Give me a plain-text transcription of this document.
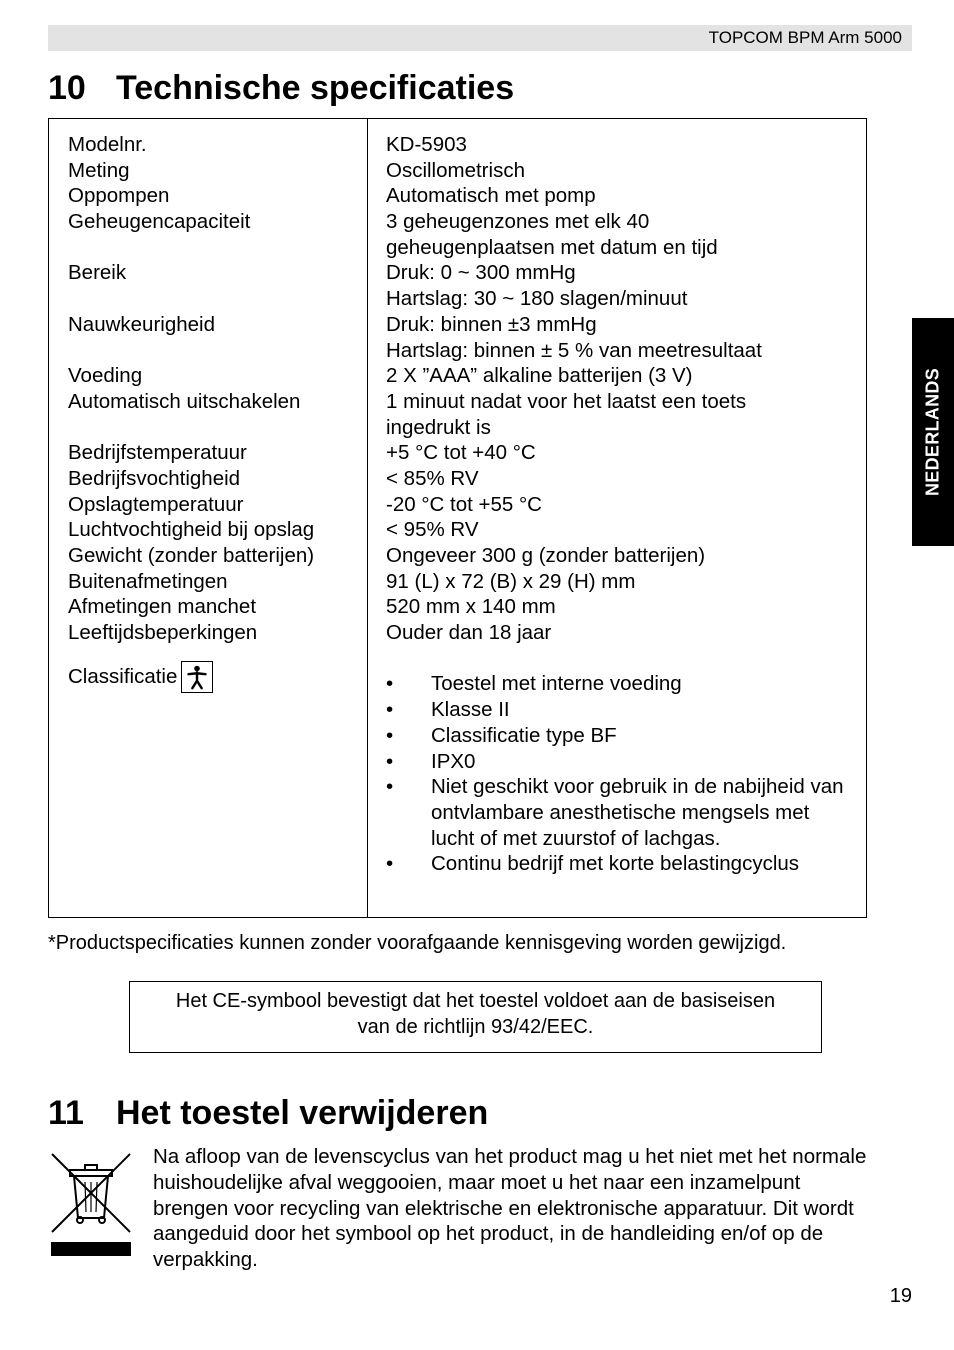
TOPCOM BPM Arm 5000
NEDERLANDS
10 Technische specificaties
Modelnr.
Meting
Oppompen
Geheugencapaciteit
Bereik
Nauwkeurigheid
Voeding
Automatisch uitschakelen
Bedrijfstemperatuur
Bedrijfsvochtigheid
Opslagtemperatuur
Luchtvochtigheid bij opslag
Gewicht (zonder batterijen)
Buitenafmetingen
Afmetingen manchet
Leeftijdsbeperkingen
Classificatie
KD-5903
Oscillometrisch
Automatisch met pomp
3 geheugenzones met elk 40
geheugenplaatsen met datum en tijd
Druk: 0 ~ 300 mmHg
Hartslag: 30 ~ 180 slagen/minuut
Druk: binnen ±3 mmHg
Hartslag: binnen ± 5 % van meetresultaat
2 X ”AAA” alkaline batterijen (3 V)
1 minuut nadat voor het laatst een toets
ingedrukt is
+5 °C tot +40 °C
< 85% RV
-20 °C tot +55 °C
< 95% RV
Ongeveer 300 g (zonder batterijen)
91 (L) x 72 (B) x 29 (H) mm
520 mm x 140 mm
Ouder dan 18 jaar
• Toestel met interne voeding
• Klasse II
• Classificatie type BF
• IPX0
• Niet geschikt voor gebruik in de nabijheid van ontvlambare anesthetische mengsels met lucht of met zuurstof of lachgas.
• Continu bedrijf met korte belastingcyclus
*Productspecificaties kunnen zonder voorafgaande kennisgeving worden gewijzigd.
Het CE-symbool bevestigt dat het toestel voldoet aan de basiseisen
van de richtlijn 93/42/EEC.
11 Het toestel verwijderen
Na afloop van de levenscyclus van het product mag u het niet met het normale
huishoudelijke afval weggooien, maar moet u het naar een inzamelpunt
brengen voor recycling van elektrische en elektronische apparatuur. Dit wordt
aangeduid door het symbool op het product, in de handleiding en/of op de
verpakking.
19
